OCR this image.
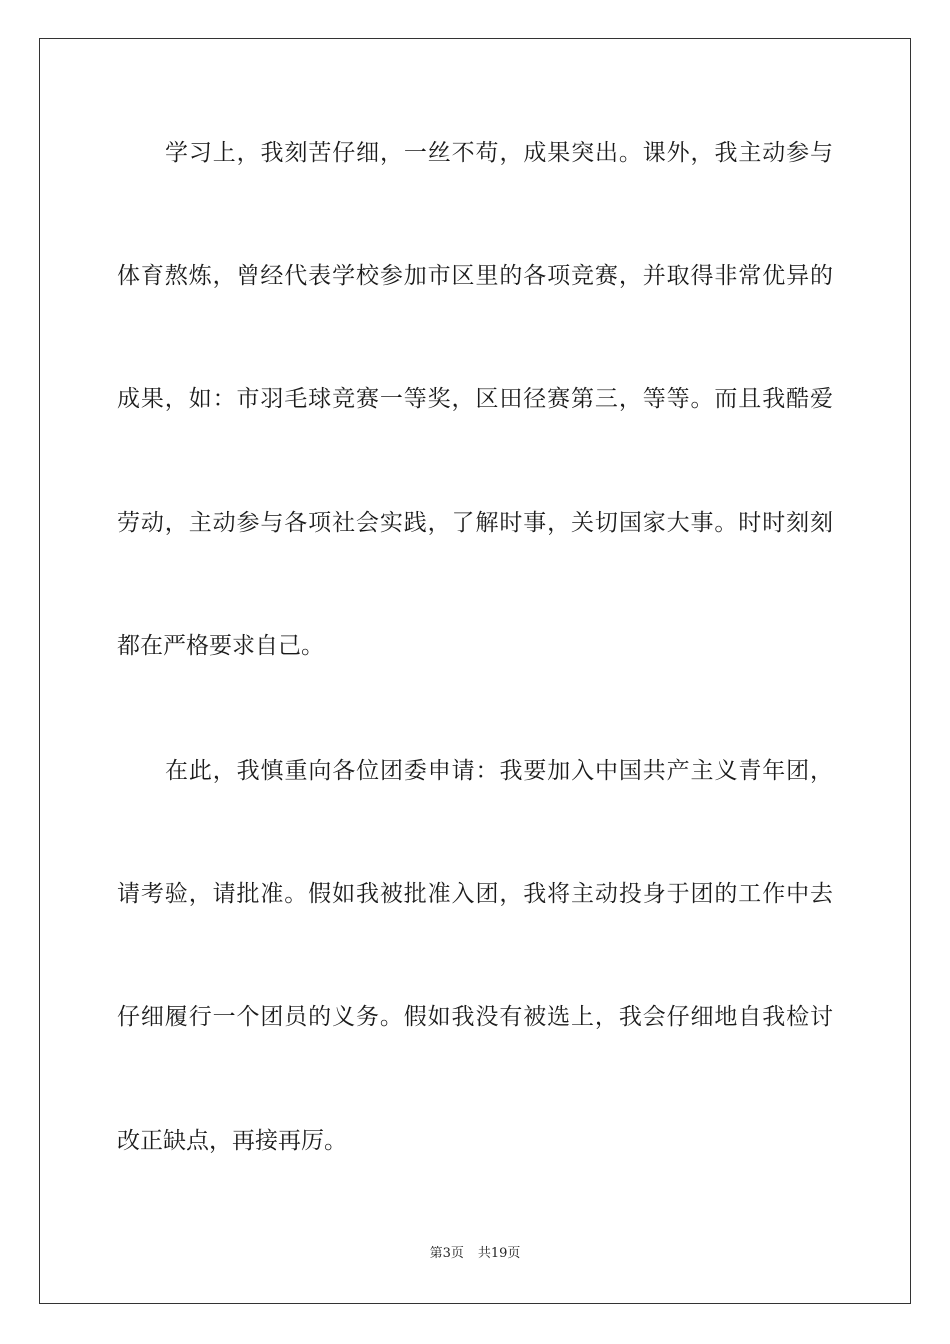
学习上，我刻苦仔细，一丝不苟，成果突出。课外，我主动参与
体育熬炼，曾经代表学校参加市区里的各项竞赛，并取得非常优异的
成果，如：市羽毛球竞赛一等奖，区田径赛第三，等等。而且我酷爱
劳动，主动参与各项社会实践，了解时事，关切国家大事。时时刻刻
都在严格要求自己。
在此，我慎重向各位团委申请：我要加入中国共产主义青年团，
请考验，请批准。假如我被批准入团，我将主动投身于团的工作中去
仔细履行一个团员的义务。假如我没有被选上，我会仔细地自我检讨
改正缺点，再接再厉。
第3页 共19页
